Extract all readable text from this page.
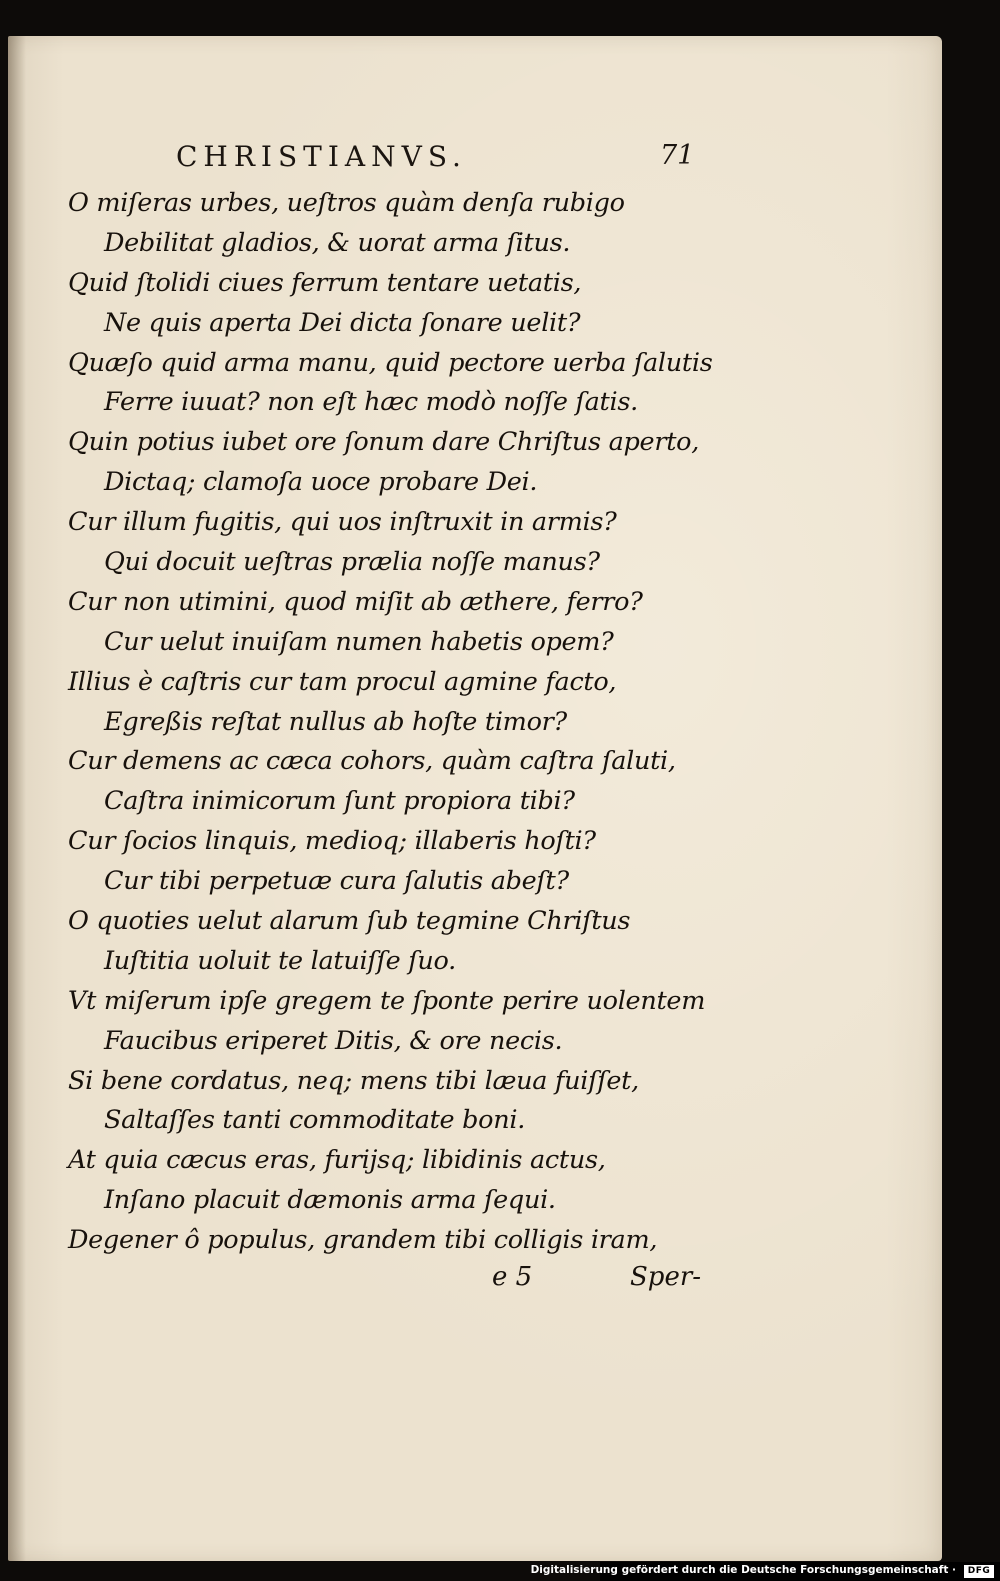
CHRISTIANVS.	71
O miſeras urbes, ueſtros quàm denſa rubigo
Debilitat gladios, & uorat arma ſitus.
Quid ſtolidi ciues ferrum tentare uetatis,
Ne quis aperta Dei dicta ſonare uelit?
Quæſo quid arma manu, quid pectore uerba ſalutis
Ferre iuuat? non eſt hæc modò noſſe ſatis.
Quin potius iubet ore ſonum dare Chriſtus aperto,
Dictaq; clamoſa uoce probare Dei.
Cur illum fugitis, qui uos inſtruxit in armis?
Qui docuit ueſtras prælia noſſe manus?
Cur non utimini, quod miſit ab æthere, ferro?
Cur uelut inuiſam numen habetis opem?
Illius è caſtris cur tam procul agmine facto,
Egreßis reſtat nullus ab hoſte timor?
Cur demens ac cæca cohors, quàm caſtra ſaluti,
Caſtra inimicorum ſunt propiora tibi?
Cur ſocios linquis, medioq; illaberis hoſti?
Cur tibi perpetuæ cura ſalutis abeſt?
O quoties uelut alarum ſub tegmine Chriſtus
Iuſtitia uoluit te latuiſſe ſuo.
Vt miſerum ipſe gregem te ſponte perire uolentem
Faucibus eriperet Ditis, & ore necis.
Si bene cordatus, neq; mens tibi læua fuiſſet,
Saltaſſes tanti commoditate boni.
At quia cæcus eras, furijsq; libidinis actus,
Inſano placuit dæmonis arma ſequi.
Degener ô populus, grandem tibi colligis iram,
e 5	Sper-
Digitalisierung gefördert durch die Deutsche Forschungsgemeinschaft ·	DFG
